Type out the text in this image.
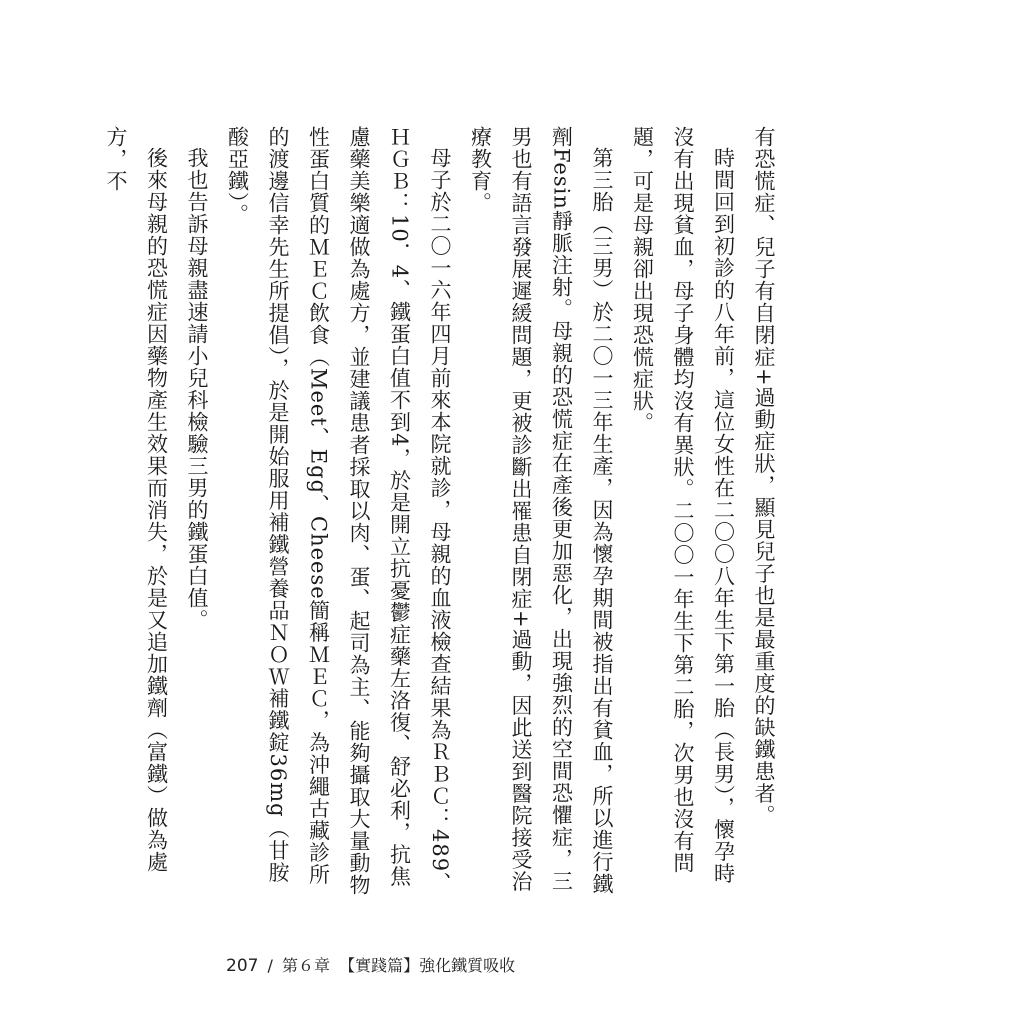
有恐慌症、兒子有自閉症+過動症狀，顯見兒子也是最重度的缺鐵患者。

時間回到初診的八年前，這位女性在二〇〇八年生下第一胎（長男），懷孕時沒有出現貧血，母子身體均沒有異狀。二〇〇一年生下第二胎，次男也沒有問題，可是母親卻出現恐慌症狀。

第三胎（三男）於二〇一三年生產，因為懷孕期間被指出有貧血，所以進行鐵劑Fesin靜脈注射。母親的恐慌症在產後更加惡化，出現強烈的空間恐懼症，三男也有語言發展遲緩問題，更被診斷出罹患自閉症+過動，因此送到醫院接受治療教育。

母子於二〇一六年四月前來本院就診，母親的血液檢查結果為ＲＢＣ：489、ＨＧＢ：10．4、鐵蛋白值不到4，於是開立抗憂鬱症藥左洛復、舒必利，抗焦慮藥美樂適做為處方，並建議患者採取以肉、蛋、起司為主、能夠攝取大量動物性蛋白質的ＭＥＣ飲食（Meet、Egg、Cheese簡稱ＭＥＣ，為沖繩古藏診所的渡邊信幸先生所提倡），於是開始服用補鐵營養品ＮＯＷ補鐵錠36mg（甘胺酸亞鐵）。

我也告訴母親盡速請小兒科檢驗三男的鐵蛋白值。

後來母親的恐慌症因藥物產生效果而消失，於是又追加鐵劑（富鐵）做為處方，不

207 / 第６章 【實踐篇】強化鐵質吸收
